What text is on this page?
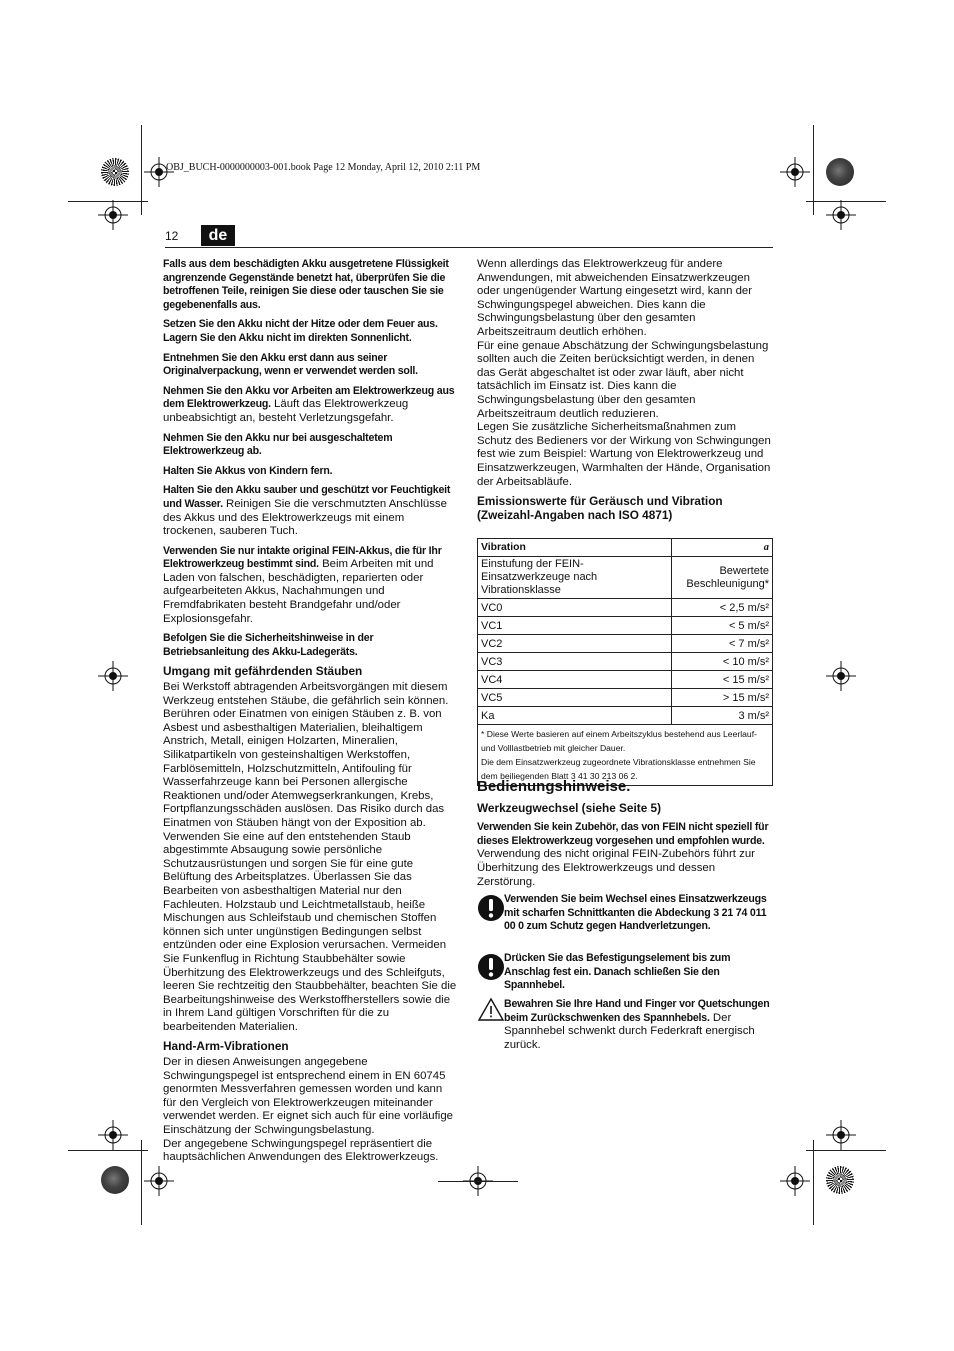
OBJ_BUCH-0000000003-001.book Page 12 Monday, April 12, 2010 2:11 PM
12	de

Falls aus dem beschädigten Akku ausgetretene Flüssigkeit angrenzende Gegenstände benetzt hat, überprüfen Sie die betroffenen Teile, reinigen Sie diese oder tauschen Sie sie gegebenenfalls aus.

Setzen Sie den Akku nicht der Hitze oder dem Feuer aus. Lagern Sie den Akku nicht im direkten Sonnenlicht.

Entnehmen Sie den Akku erst dann aus seiner Originalverpackung, wenn er verwendet werden soll.

Nehmen Sie den Akku vor Arbeiten am Elektrowerkzeug aus dem Elektrowerkzeug. Läuft das Elektrowerkzeug unbeabsichtigt an, besteht Verletzungsgefahr.

Nehmen Sie den Akku nur bei ausgeschaltetem Elektrowerkzeug ab.

Halten Sie Akkus von Kindern fern.

Halten Sie den Akku sauber und geschützt vor Feuchtigkeit und Wasser. Reinigen Sie die verschmutzten Anschlüsse des Akkus und des Elektrowerkzeugs mit einem trockenen, sauberen Tuch.

Verwenden Sie nur intakte original FEIN-Akkus, die für Ihr Elektrowerkzeug bestimmt sind. Beim Arbeiten mit und Laden von falschen, beschädigten, reparierten oder aufgearbeiteten Akkus, Nachahmungen und Fremdfabrikaten besteht Brandgefahr und/oder Explosionsgefahr.

Befolgen Sie die Sicherheitshinweise in der Betriebsanleitung des Akku-Ladegeräts.

Umgang mit gefährdenden Stäuben

Bei Werkstoff abtragenden Arbeitsvorgängen mit diesem Werkzeug entstehen Stäube, die gefährlich sein können. Berühren oder Einatmen von einigen Stäuben z. B. von Asbest und asbesthaltigen Materialien, bleihaltigem Anstrich, Metall, einigen Holzarten, Mineralien, Silikatpartikeln von gesteinshaltigen Werkstoffen, Farblösemitteln, Holzschutzmitteln, Antifouling für Wasserfahrzeuge kann bei Personen allergische Reaktionen und/oder Atemwegserkrankungen, Krebs, Fortpflanzungsschäden auslösen. Das Risiko durch das Einatmen von Stäuben hängt von der Exposition ab. Verwenden Sie eine auf den entstehenden Staub abgestimmte Absaugung sowie persönliche Schutzausrüstungen und sorgen Sie für eine gute Belüftung des Arbeitsplatzes. Überlassen Sie das Bearbeiten von asbesthaltigen Material nur den Fachleuten. Holzstaub und Leichtmetallstaub, heiße Mischungen aus Schleifstaub und chemischen Stoffen können sich unter ungünstigen Bedingungen selbst entzünden oder eine Explosion verursachen. Vermeiden Sie Funkenflug in Richtung Staubbehälter sowie Überhitzung des Elektrowerkzeugs und des Schleifguts, leeren Sie rechtzeitig den Staubbehälter, beachten Sie die Bearbeitungshinweise des Werkstoffherstellers sowie die in Ihrem Land gültigen Vorschriften für die zu bearbeitenden Materialien.

Hand-Arm-Vibrationen

Der in diesen Anweisungen angegebene Schwingungspegel ist entsprechend einem in EN 60745 genormten Messverfahren gemessen worden und kann für den Vergleich von Elektrowerkzeugen miteinander verwendet werden. Er eignet sich auch für eine vorläufige Einschätzung der Schwingungsbelastung.

Der angegebene Schwingungspegel repräsentiert die hauptsächlichen Anwendungen des Elektrowerkzeugs.

Wenn allerdings das Elektrowerkzeug für andere Anwendungen, mit abweichenden Einsatzwerkzeugen oder ungenügender Wartung eingesetzt wird, kann der Schwingungspegel abweichen. Dies kann die Schwingungsbelastung über den gesamten Arbeitszeitraum deutlich erhöhen.

Für eine genaue Abschätzung der Schwingungsbelastung sollten auch die Zeiten berücksichtigt werden, in denen das Gerät abgeschaltet ist oder zwar läuft, aber nicht tatsächlich im Einsatz ist. Dies kann die Schwingungsbelastung über den gesamten Arbeitszeitraum deutlich reduzieren.

Legen Sie zusätzliche Sicherheitsmaßnahmen zum Schutz des Bedieners vor der Wirkung von Schwingungen fest wie zum Beispiel: Wartung von Elektrowerkzeug und Einsatzwerkzeugen, Warmhalten der Hände, Organisation der Arbeitsabläufe.

Emissionswerte für Geräusch und Vibration (Zweizahl-Angaben nach ISO 4871)
Vibration	a
Einstufung der FEIN-Einsatzwerkzeuge nach Vibrationsklasse	Bewertete Beschleunigung*
VC0	< 2,5 m/s²
VC1	< 5 m/s²
VC2	< 7 m/s²
VC3	< 10 m/s²
VC4	< 15 m/s²
VC5	> 15 m/s²
Ka	3 m/s²

* Diese Werte basieren auf einem Arbeitszyklus bestehend aus Leerlauf- und Volllastbetrieb mit gleicher Dauer.
Die dem Einsatzwerkzeug zugeordnete Vibrationsklasse entnehmen Sie dem beiliegenden Blatt 3 41 30 213 06 2.	
Bedienungshinweise.
Werkzeugwechsel (siehe Seite 5)

Verwenden Sie kein Zubehör, das von FEIN nicht speziell für dieses Elektrowerkzeug vorgesehen und empfohlen wurde. Verwendung des nicht original FEIN-Zubehörs führt zur Überhitzung des Elektrowerkzeugs und dessen Zerstörung.

Verwenden Sie beim Wechsel eines Einsatzwerkzeugs mit scharfen Schnittkanten die Abdeckung 3 21 74 011 00 0 zum Schutz gegen Handverletzungen.
Drücken Sie das Befestigungselement bis zum Anschlag fest ein. Danach schließen Sie den Spannhebel.
Bewahren Sie Ihre Hand und Finger vor Quetschungen beim Zurückschwenken des Spannhebels. Der Spannhebel schwenkt durch Federkraft energisch zurück.
